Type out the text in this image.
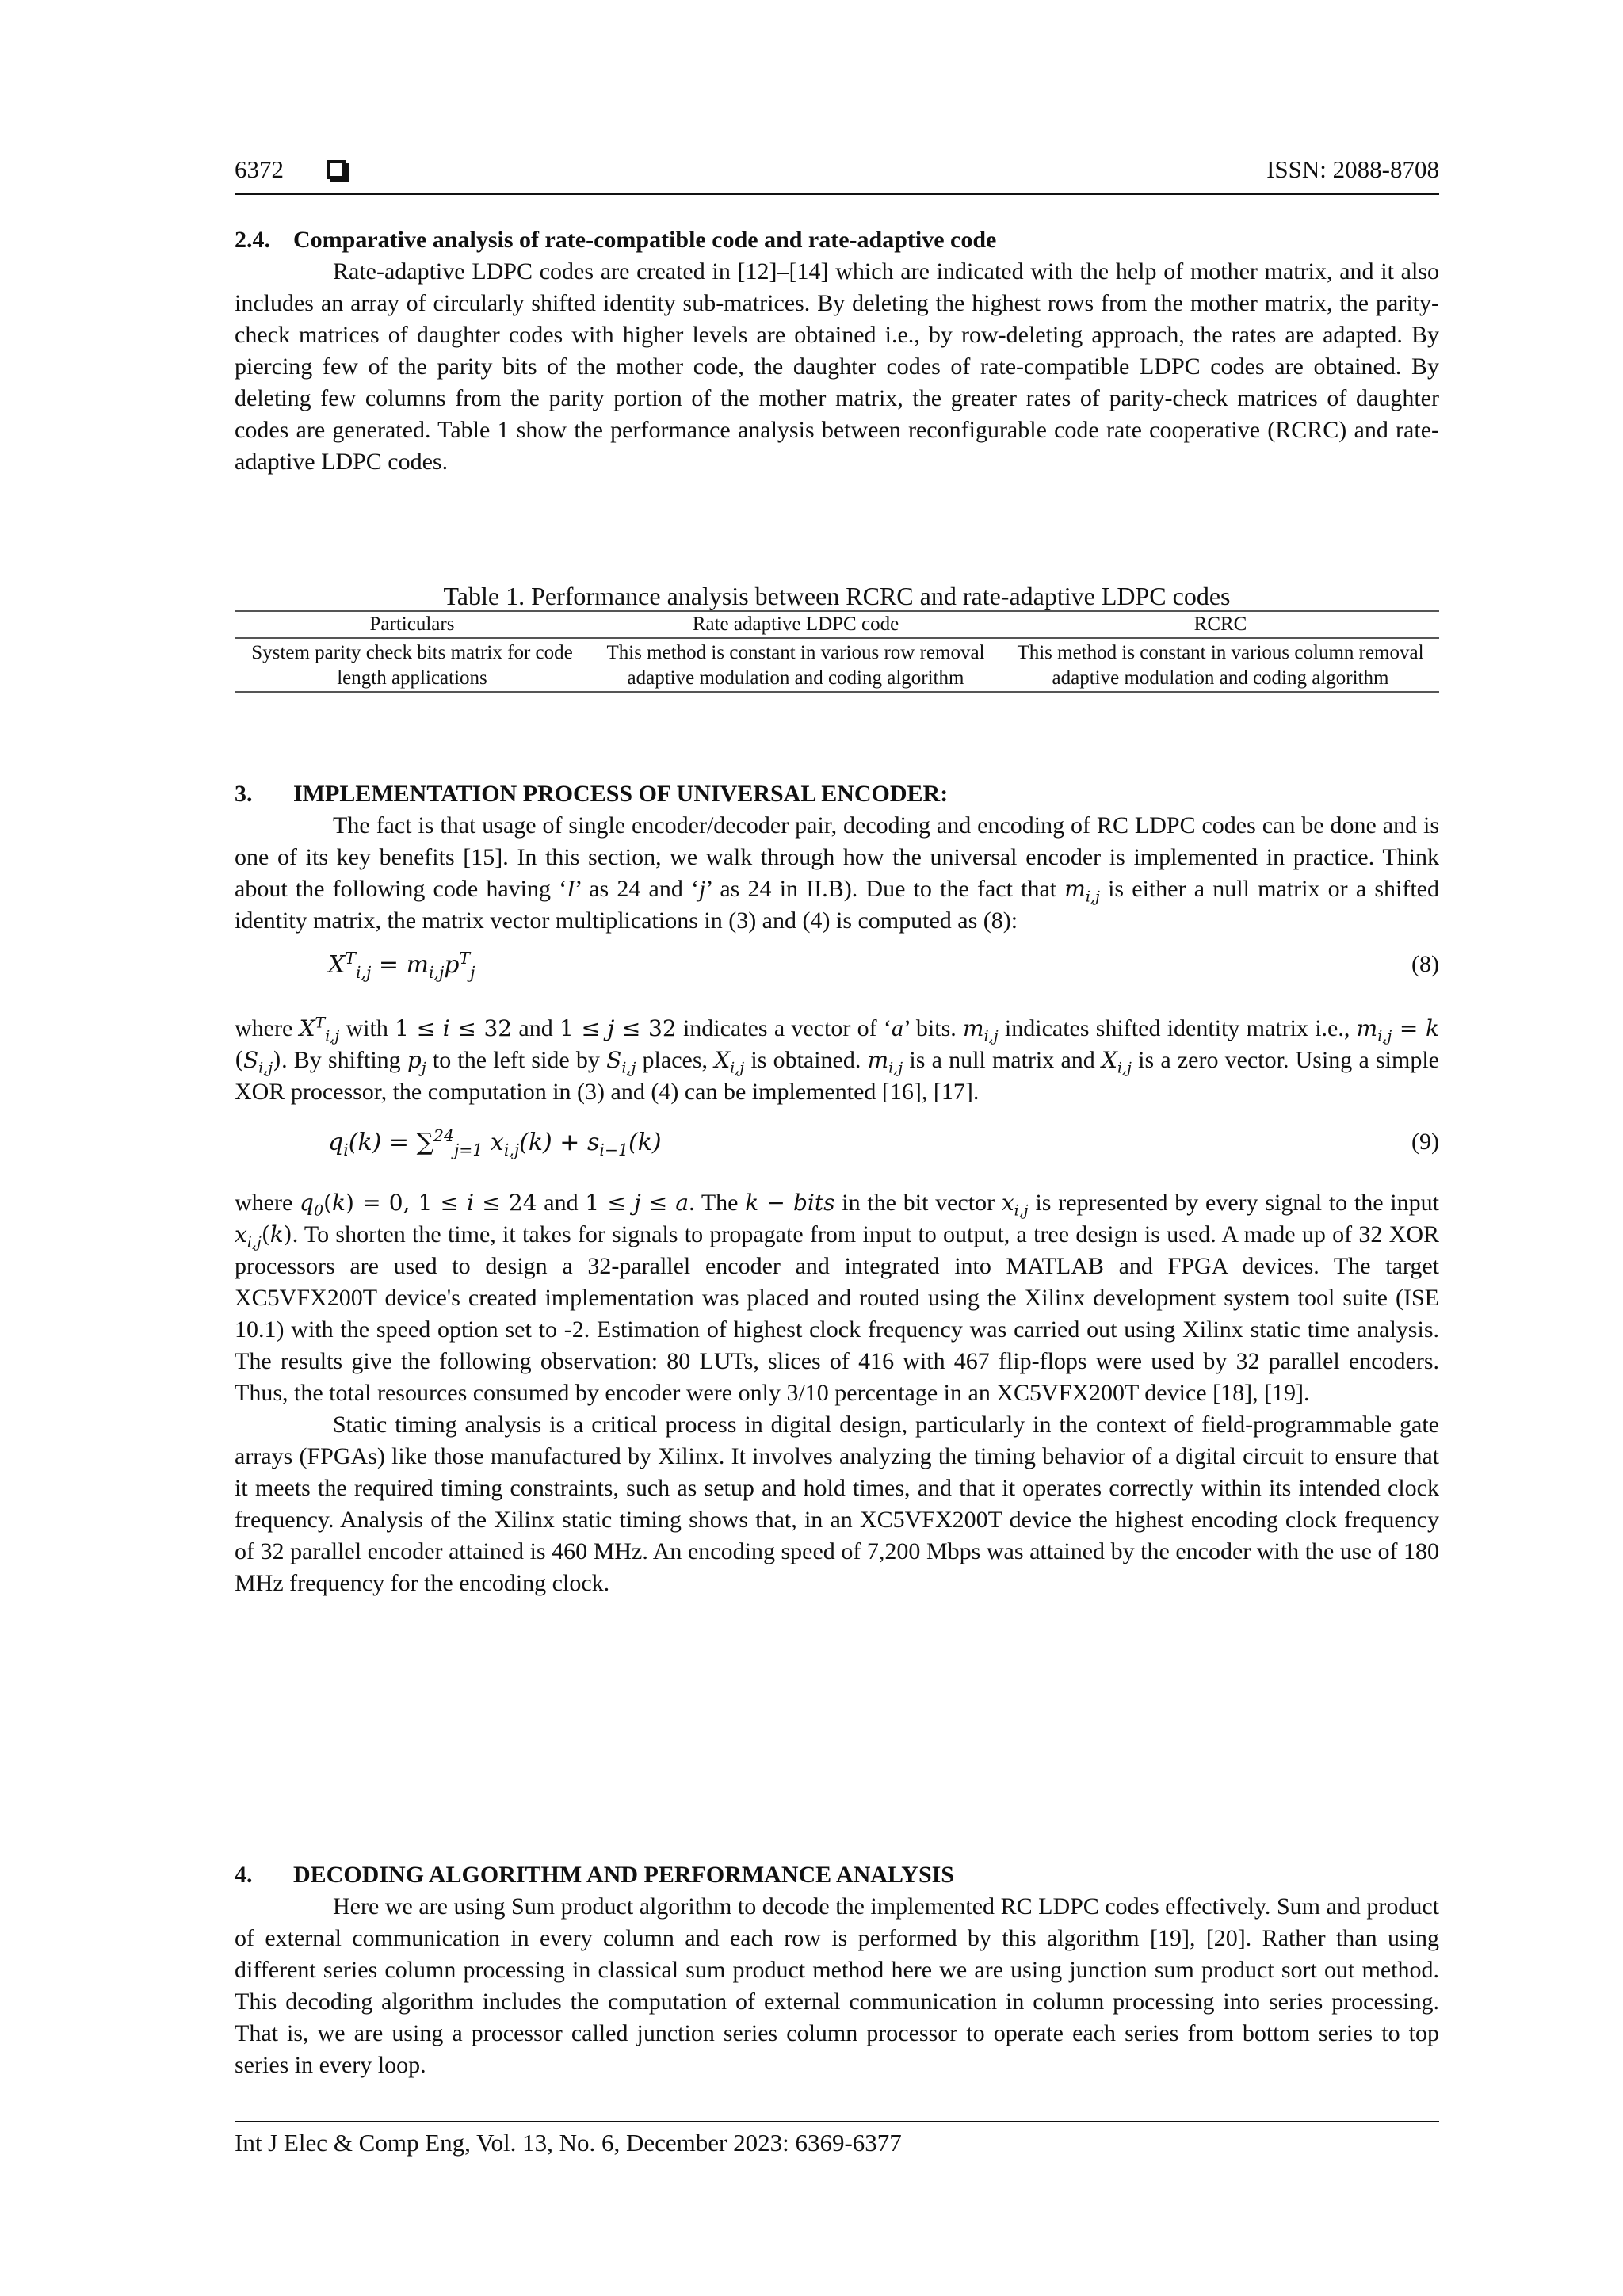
6372	ISSN: 2088-8708
2.4. Comparative analysis of rate-compatible code and rate-adaptive code

Rate-adaptive LDPC codes are created in [12]–[14] which are indicated with the help of mother matrix, and it also includes an array of circularly shifted identity sub-matrices. By deleting the highest rows from the mother matrix, the parity-check matrices of daughter codes with higher levels are obtained i.e., by row-deleting approach, the rates are adapted. By piercing few of the parity bits of the mother code, the daughter codes of rate-compatible LDPC codes are obtained. By deleting few columns from the parity portion of the mother matrix, the greater rates of parity-check matrices of daughter codes are generated. Table 1 show the performance analysis between reconfigurable code rate cooperative (RCRC) and rate-adaptive LDPC codes.

Table 1. Performance analysis between RCRC and rate-adaptive LDPC codes
Particulars	Rate adaptive LDPC code	RCRC
System parity check bits matrix for code length applications	This method is constant in various row removal adaptive modulation and coding algorithm	This method is constant in various column removal adaptive modulation and coding algorithm
3. IMPLEMENTATION PROCESS OF UNIVERSAL ENCODER:

The fact is that usage of single encoder/decoder pair, decoding and encoding of RC LDPC codes can be done and is one of its key benefits [15]. In this section, we walk through how the universal encoder is implemented in practice. Think about the following code having ‘I’ as 24 and ‘j’ as 24 in II.B). Due to the fact that $m_{i,j}$ is either a null matrix or a shifted identity matrix, the matrix vector multiplications in (3) and (4) is computed as (8):

$X^T_{i,j} = m_{i,j}p^T_j$	(8)

where $X^T_{i,j}$ with 1 ≤ i ≤ 32 and 1 ≤ j ≤ 32 indicates a vector of ‘a’ bits. $m_{i,j}$ indicates shifted identity matrix i.e., $m_{i,j} = k$ $(S_{i,j})$. By shifting $p_j$ to the left side by $S_{i,j}$ places, $X_{i,j}$ is obtained. $m_{i,j}$ is a null matrix and $X_{i,j}$ is a zero vector. Using a simple XOR processor, the computation in (3) and (4) can be implemented [16], [17].

$q_i(k) = \sum^{24}_{j=1}$ $x_{i,j}(k) + s_{i-1}(k)$	(9)

where $q_0(k) = 0$, 1 ≤ i ≤ 24 and 1 ≤ j ≤ a. The k − bits in the bit vector $x_{i,j}$ is represented by every signal to the input $x_{i,j}(k)$. To shorten the time, it takes for signals to propagate from input to output, a tree design is used. A made up of 32 XOR processors are used to design a 32-parallel encoder and integrated into MATLAB and FPGA devices. The target XC5VFX200T device's created implementation was placed and routed using the Xilinx development system tool suite (ISE 10.1) with the speed option set to -2. Estimation of highest clock frequency was carried out using Xilinx static time analysis. The results give the following observation: 80 LUTs, slices of 416 with 467 flip-flops were used by 32 parallel encoders. Thus, the total resources consumed by encoder were only 3/10 percentage in an XC5VFX200T device [18], [19].

Static timing analysis is a critical process in digital design, particularly in the context of field-programmable gate arrays (FPGAs) like those manufactured by Xilinx. It involves analyzing the timing behavior of a digital circuit to ensure that it meets the required timing constraints, such as setup and hold times, and that it operates correctly within its intended clock frequency. Analysis of the Xilinx static timing shows that, in an XC5VFX200T device the highest encoding clock frequency of 32 parallel encoder attained is 460 MHz. An encoding speed of 7,200 Mbps was attained by the encoder with the use of 180 MHz frequency for the encoding clock.

4. DECODING ALGORITHM AND PERFORMANCE ANALYSIS

Here we are using Sum product algorithm to decode the implemented RC LDPC codes effectively. Sum and product of external communication in every column and each row is performed by this algorithm [19], [20]. Rather than using different series column processing in classical sum product method here we are using junction sum product sort out method. This decoding algorithm includes the computation of external communication in column processing into series processing. That is, we are using a processor called junction series column processor to operate each series from bottom series to top series in every loop.

Int J Elec & Comp Eng, Vol. 13, No. 6, December 2023: 6369-6377
